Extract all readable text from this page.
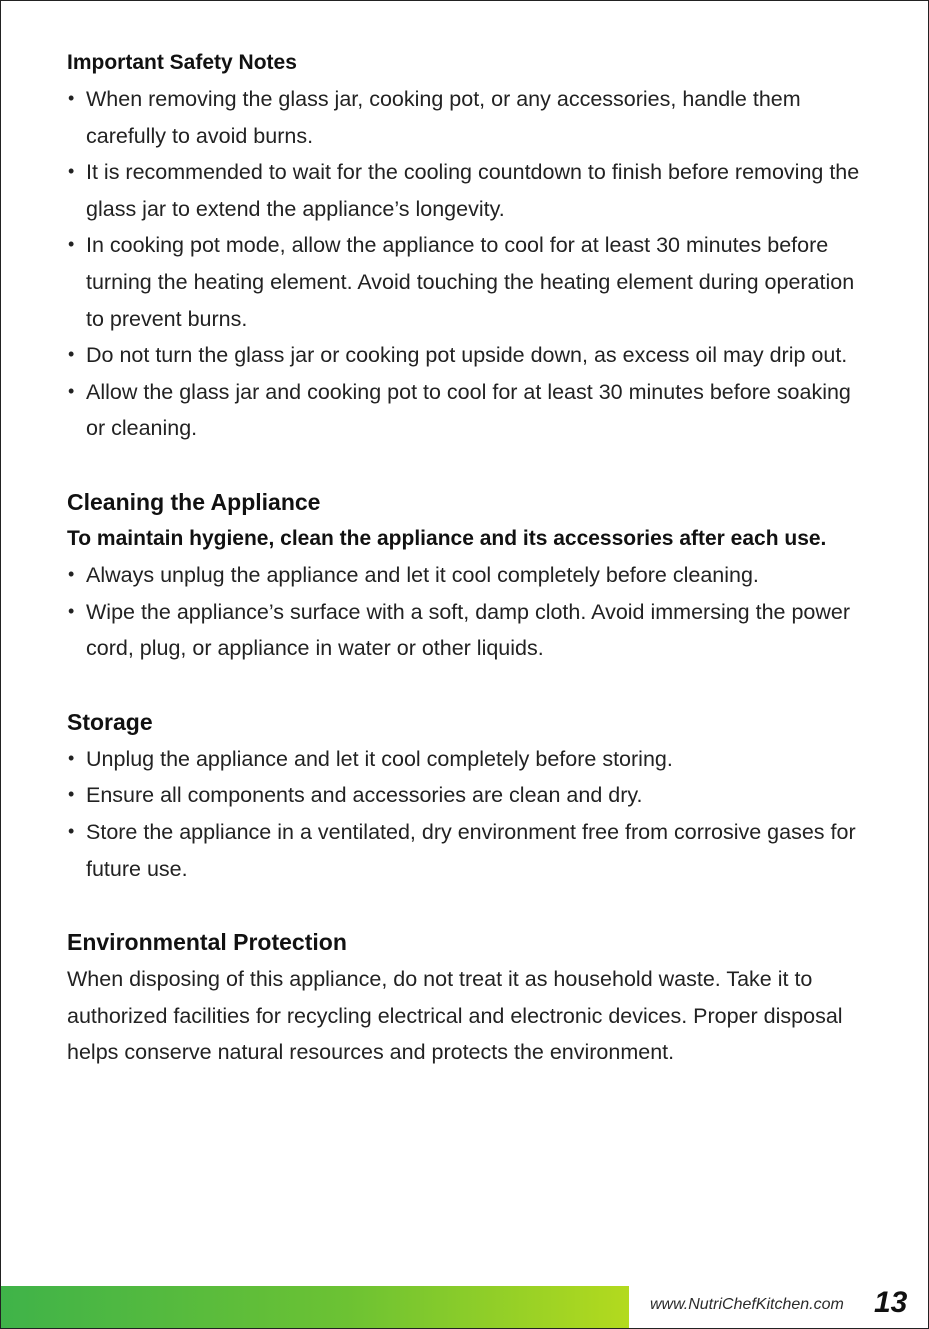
Important Safety Notes
• When removing the glass jar, cooking pot, or any accessories, handle them carefully to avoid burns.
• It is recommended to wait for the cooling countdown to finish before removing the glass jar to extend the appliance’s longevity.
• In cooking pot mode, allow the appliance to cool for at least 30 minutes before turning the heating element. Avoid touching the heating element during operation to prevent burns.
• Do not turn the glass jar or cooking pot upside down, as excess oil may drip out.
• Allow the glass jar and cooking pot to cool for at least 30 minutes before soaking or cleaning.
Cleaning the Appliance

To maintain hygiene, clean the appliance and its accessories after each use.

• Always unplug the appliance and let it cool completely before cleaning.
• Wipe the appliance’s surface with a soft, damp cloth. Avoid immersing the power cord, plug, or appliance in water or other liquids.
Storage
• Unplug the appliance and let it cool completely before storing.
• Ensure all components and accessories are clean and dry.
• Store the appliance in a ventilated, dry environment free from corrosive gases for future use.
Environmental Protection

When disposing of this appliance, do not treat it as household waste. Take it to authorized facilities for recycling electrical and electronic devices. Proper disposal helps conserve natural resources and protects the environment.

www.NutriChefKitchen.com 13
